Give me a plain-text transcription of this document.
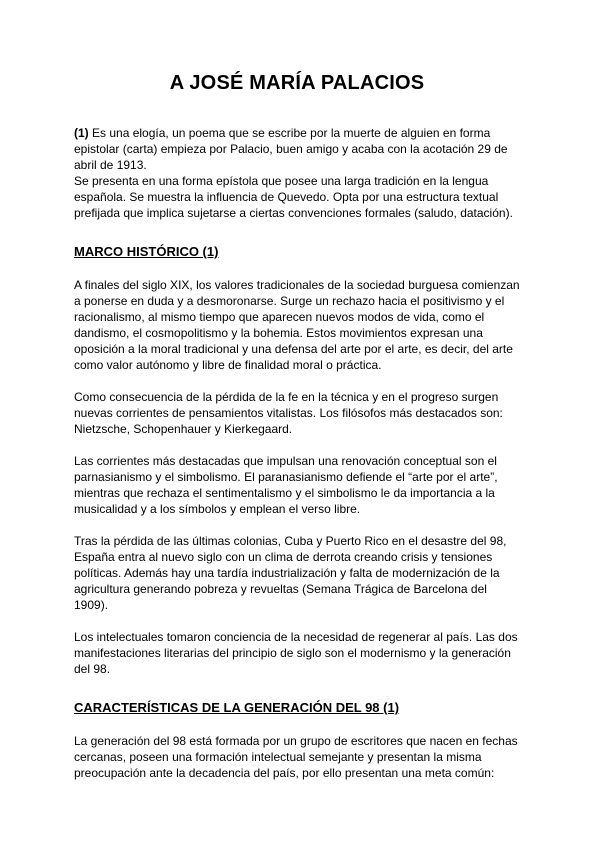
A JOSÉ MARÍA PALACIOS

(1) Es una elogía, un poema que se escribe por la muerte de alguien en forma epistolar (carta) empieza por Palacio, buen amigo y acaba con la acotación 29 de abril de 1913.

Se presenta en una forma epístola que posee una larga tradición en la lengua española. Se muestra la influencia de Quevedo. Opta por una estructura textual prefijada que implica sujetarse a ciertas convenciones formales (saludo, datación).

MARCO HISTÓRICO (1)

A finales del siglo XIX, los valores tradicionales de la sociedad burguesa comienzan a ponerse en duda y a desmoronarse. Surge un rechazo hacia el positivismo y el racionalismo, al mismo tiempo que aparecen nuevos modos de vida, como el dandismo, el cosmopolitismo y la bohemia. Estos movimientos expresan una oposición a la moral tradicional y una defensa del arte por el arte, es decir, del arte como valor autónomo y libre de finalidad moral o práctica.

Como consecuencia de la pérdida de la fe en la técnica y en el progreso surgen nuevas corrientes de pensamientos vitalistas. Los filósofos más destacados son: Nietzsche, Schopenhauer y Kierkegaard.

Las corrientes más destacadas que impulsan una renovación conceptual son el parnasianismo y el simbolismo. El paranasianismo defiende el “arte por el arte”, mientras que rechaza el sentimentalismo y el simbolismo le da importancia a la musicalidad y a los símbolos y emplean el verso libre.

Tras la pérdida de las últimas colonias, Cuba y Puerto Rico en el desastre del 98, España entra al nuevo siglo con un clima de derrota creando crisis y tensiones políticas. Además hay una tardía industrialización y falta de modernización de la agricultura generando pobreza y revueltas (Semana Trágica de Barcelona del 1909).

Los intelectuales tomaron conciencia de la necesidad de regenerar al país. Las dos manifestaciones literarias del principio de siglo son el modernismo y la generación del 98.

CARACTERÍSTICAS DE LA GENERACIÓN DEL 98 (1)

La generación del 98 está formada por un grupo de escritores que nacen en fechas cercanas, poseen una formación intelectual semejante y presentan la misma preocupación ante la decadencia del país, por ello presentan una meta común:
